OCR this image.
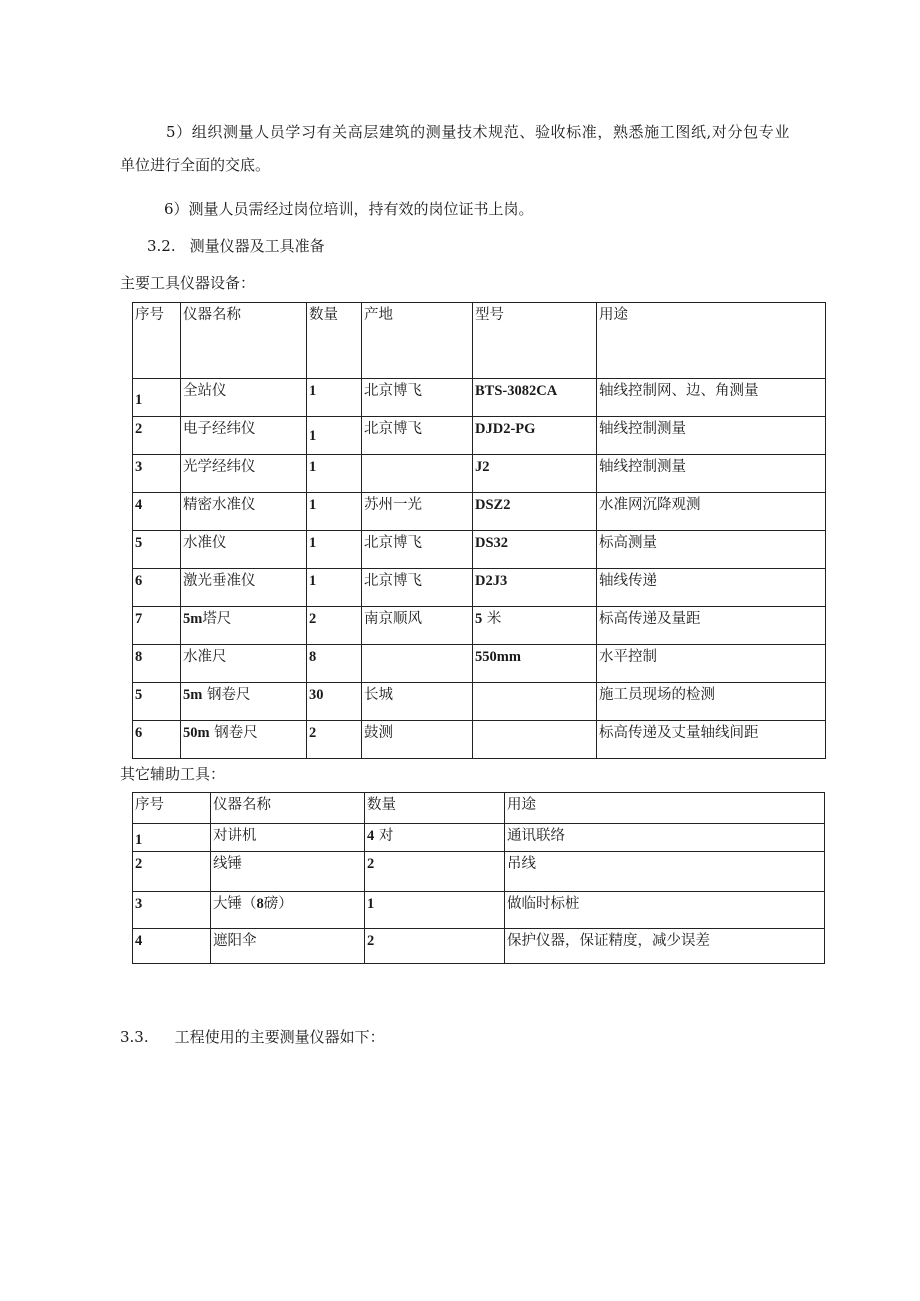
5）组织测量人员学习有关高层建筑的测量技术规范、验收标准，熟悉施工图纸,对分包专业
单位进行全面的交底。
6）测量人员需经过岗位培训，持有效的岗位证书上岗。
3.2. 测量仪器及工具准备
主要工具仪器设备：
序号	仪器名称	数量	产地	型号	用途

1	全站仪	1	北京博飞	BTS-3082CA	轴线控制网、边、角测量

2	电子经纬仪	1	北京博飞	DJD2-PG	轴线控制测量

3	光学经纬仪	1		J2	轴线控制测量

4	精密水准仪	1	苏州一光	DSZ2	水准网沉降观测

5	水准仪	1	北京博飞	DS32	标高测量

6	激光垂准仪	1	北京博飞	D2J3	轴线传递

7	5m塔尺	2	南京顺风	5 米	标高传递及量距

8	水准尺	8		550mm	水平控制

5	5m 钢卷尺	30	长城		施工员现场的检测

6	50m 钢卷尺	2	鼓测		标高传递及丈量轴线间距
其它辅助工具：
序号	仪器名称	数量	用途

1	对讲机	4 对	通讯联络

2	线锤	2	吊线

3	大锤（8磅）	1	做临时标桩

4	遮阳伞	2	保护仪器，保证精度，减少误差
3.3. 工程使用的主要测量仪器如下：
